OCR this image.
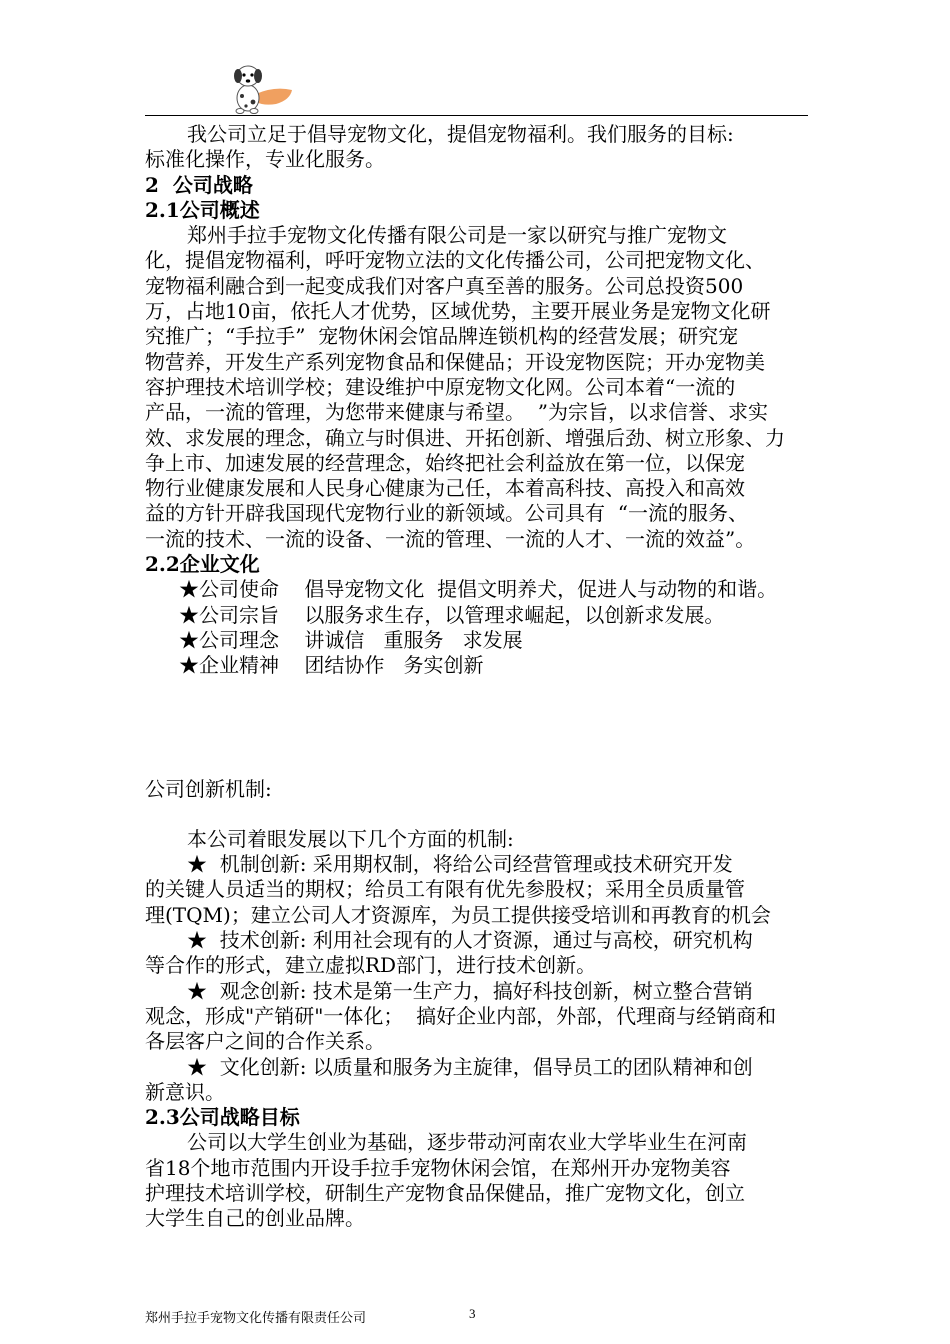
我公司立足于倡导宠物文化，提倡宠物福利。我们服务的目标:
标准化操作，专业化服务。
2  公司战略
2.1公司概述
郑州手拉手宠物文化传播有限公司是一家以研究与推广宠物文
化，提倡宠物福利，呼吁宠物立法的文化传播公司，公司把宠物文化、
宠物福利融合到一起变成我们对客户真至善的服务。公司总投资500
万，占地10亩，依托人才优势，区域优势，主要开展业务是宠物文化研
究推广；“手拉手”  宠物休闲会馆品牌连锁机构的经营发展；研究宠
物营养，开发生产系列宠物食品和保健品；开设宠物医院；开办宠物美
容护理技术培训学校；建设维护中原宠物文化网。公司本着“一流的
产品，一流的管理，为您带来健康与希望。  ”为宗旨，以求信誉、求实
效、求发展的理念，确立与时俱进、开拓创新、增强后劲、树立形象、力
争上市、加速发展的经营理念，始终把社会利益放在第一位，以保宠
物行业健康发展和人民身心健康为己任，本着高科技、高投入和高效
益的方针开辟我国现代宠物行业的新领域。公司具有  “一流的服务、
一流的技术、一流的设备、一流的管理、一流的人才、一流的效益”。
2.2企业文化
★公司使命    倡导宠物文化  提倡文明养犬，促进人与动物的和谐。
★公司宗旨    以服务求生存，以管理求崛起，以创新求发展。
★公司理念    讲诚信   重服务   求发展
★企业精神    团结协作   务实创新
公司创新机制:
本公司着眼发展以下几个方面的机制:
★  机制创新: 采用期权制，将给公司经营管理或技术研究开发
的关键人员适当的期权；给员工有限有优先参股权；采用全员质量管
理(TQM)；建立公司人才资源库，为员工提供接受培训和再教育的机会
★  技术创新: 利用社会现有的人才资源，通过与高校，研究机构
等合作的形式，建立虚拟RD部门，进行技术创新。
★  观念创新: 技术是第一生产力，搞好科技创新，树立整合营销
观念，形成"产销研"一体化；  搞好企业内部，外部，代理商与经销商和
各层客户之间的合作关系。
★  文化创新: 以质量和服务为主旋律，倡导员工的团队精神和创
新意识。
2.3公司战略目标
公司以大学生创业为基础，逐步带动河南农业大学毕业生在河南
省18个地市范围内开设手拉手宠物休闲会馆，在郑州开办宠物美容
护理技术培训学校，研制生产宠物食品保健品，推广宠物文化，创立
大学生自己的创业品牌。
郑州手拉手宠物文化传播有限责任公司	3
